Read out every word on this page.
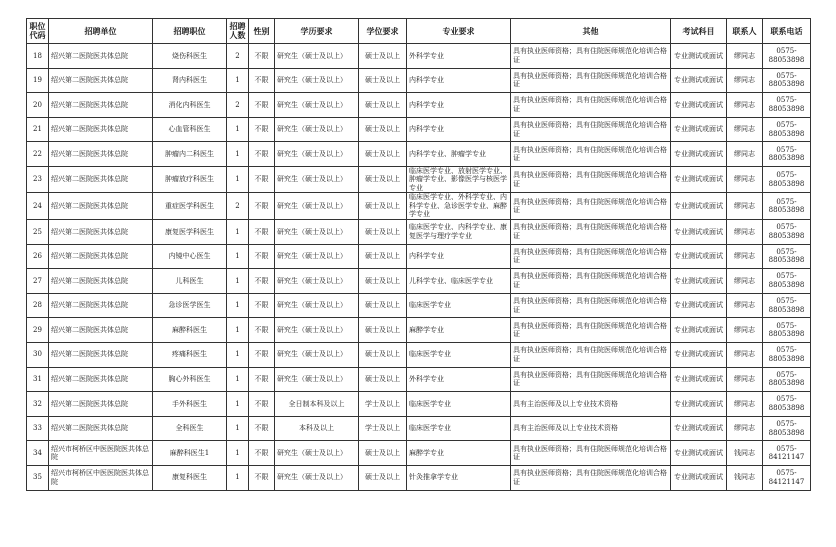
职位代码	招聘单位	招聘职位	招聘人数	性别	学历要求	学位要求	专业要求	其他	考试科目	联系人	联系电话
18	绍兴第二医院医共体总院	烧伤科医生	2	不限	研究生（硕士及以上）	硕士及以上	外科学专业	具有执业医师资格；具有住院医师规范化培训合格证	专业测试或面试	缪同志	0575-88053898
19	绍兴第二医院医共体总院	肾内科医生	1	不限	研究生（硕士及以上）	硕士及以上	内科学专业	具有执业医师资格；具有住院医师规范化培训合格证	专业测试或面试	缪同志	0575-88053898
20	绍兴第二医院医共体总院	消化内科医生	2	不限	研究生（硕士及以上）	硕士及以上	内科学专业	具有执业医师资格；具有住院医师规范化培训合格证	专业测试或面试	缪同志	0575-88053898
21	绍兴第二医院医共体总院	心血管科医生	1	不限	研究生（硕士及以上）	硕士及以上	内科学专业	具有执业医师资格；具有住院医师规范化培训合格证	专业测试或面试	缪同志	0575-88053898
22	绍兴第二医院医共体总院	肿瘤内二科医生	1	不限	研究生（硕士及以上）	硕士及以上	内科学专业、肿瘤学专业	具有执业医师资格；具有住院医师规范化培训合格证	专业测试或面试	缪同志	0575-88053898
23	绍兴第二医院医共体总院	肿瘤放疗科医生	1	不限	研究生（硕士及以上）	硕士及以上	临床医学专业、放射医学专业、肿瘤学专业、影像医学与核医学专业	具有执业医师资格；具有住院医师规范化培训合格证	专业测试或面试	缪同志	0575-88053898
24	绍兴第二医院医共体总院	重症医学科医生	2	不限	研究生（硕士及以上）	硕士及以上	临床医学专业、外科学专业、内科学专业、急诊医学专业、麻醉学专业	具有执业医师资格；具有住院医师规范化培训合格证	专业测试或面试	缪同志	0575-88053898
25	绍兴第二医院医共体总院	康复医学科医生	1	不限	研究生（硕士及以上）	硕士及以上	临床医学专业、内科学专业、康复医学与理疗学专业	具有执业医师资格；具有住院医师规范化培训合格证	专业测试或面试	缪同志	0575-88053898
26	绍兴第二医院医共体总院	内镜中心医生	1	不限	研究生（硕士及以上）	硕士及以上	内科学专业	具有执业医师资格；具有住院医师规范化培训合格证	专业测试或面试	缪同志	0575-88053898
27	绍兴第二医院医共体总院	儿科医生	1	不限	研究生（硕士及以上）	硕士及以上	儿科学专业、临床医学专业	具有执业医师资格；具有住院医师规范化培训合格证	专业测试或面试	缪同志	0575-88053898
28	绍兴第二医院医共体总院	急诊医学医生	1	不限	研究生（硕士及以上）	硕士及以上	临床医学专业	具有执业医师资格；具有住院医师规范化培训合格证	专业测试或面试	缪同志	0575-88053898
29	绍兴第二医院医共体总院	麻醉科医生	1	不限	研究生（硕士及以上）	硕士及以上	麻醉学专业	具有执业医师资格；具有住院医师规范化培训合格证	专业测试或面试	缪同志	0575-88053898
30	绍兴第二医院医共体总院	疼痛科医生	1	不限	研究生（硕士及以上）	硕士及以上	临床医学专业	具有执业医师资格；具有住院医师规范化培训合格证	专业测试或面试	缪同志	0575-88053898
31	绍兴第二医院医共体总院	胸心外科医生	1	不限	研究生（硕士及以上）	硕士及以上	外科学专业	具有执业医师资格；具有住院医师规范化培训合格证	专业测试或面试	缪同志	0575-88053898
32	绍兴第二医院医共体总院	手外科医生	1	不限	全日制本科及以上	学士及以上	临床医学专业	具有主治医师及以上专业技术资格	专业测试或面试	缪同志	0575-88053898
33	绍兴第二医院医共体总院	全科医生	1	不限	本科及以上	学士及以上	临床医学专业	具有主治医师及以上专业技术资格	专业测试或面试	缪同志	0575-88053898
34	绍兴市柯桥区中医医院医共体总院	麻醉科医生1	1	不限	研究生（硕士及以上）	硕士及以上	麻醉学专业	具有执业医师资格；具有住院医师规范化培训合格证	专业测试或面试	钱同志	0575-84121147
35	绍兴市柯桥区中医医院医共体总院	康复科医生	1	不限	研究生（硕士及以上）	硕士及以上	针灸推拿学专业	具有执业医师资格；具有住院医师规范化培训合格证	专业测试或面试	钱同志	0575-84121147
